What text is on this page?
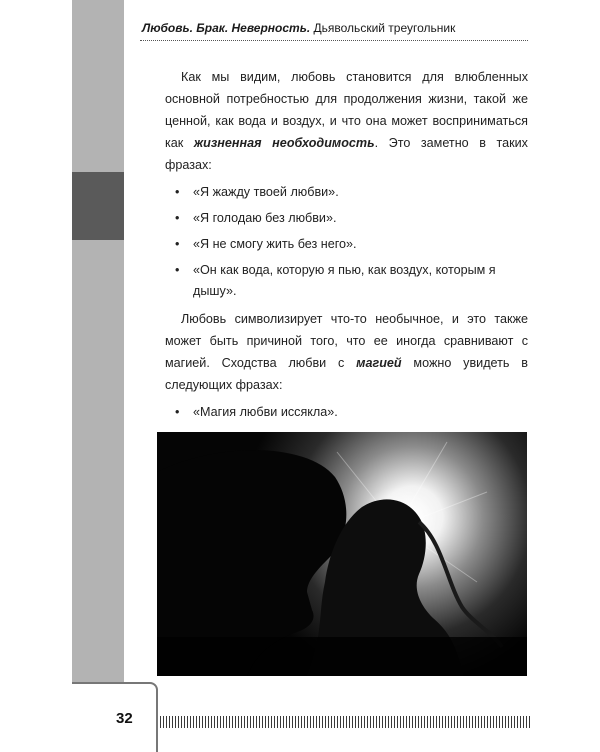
Любовь. Брак. Неверность. Дьявольский треугольник

Как мы видим, любовь становится для влюбленных основной потребностью для продолжения жизни, такой же ценной, как вода и воздух, и что она может восприниматься как жизненная необходимость. Это заметно в таких фразах:

• «Я жажду твоей любви».
• «Я голодаю без любви».
• «Я не смогу жить без него».
• «Он как вода, которую я пью, как воздух, которым я дышу».

Любовь символизирует что-то необычное, и это также может быть причиной того, что ее иногда сравнивают с магией. Сходства любви с магией можно увидеть в следующих фразах:

• «Магия любви иссякла».
32
